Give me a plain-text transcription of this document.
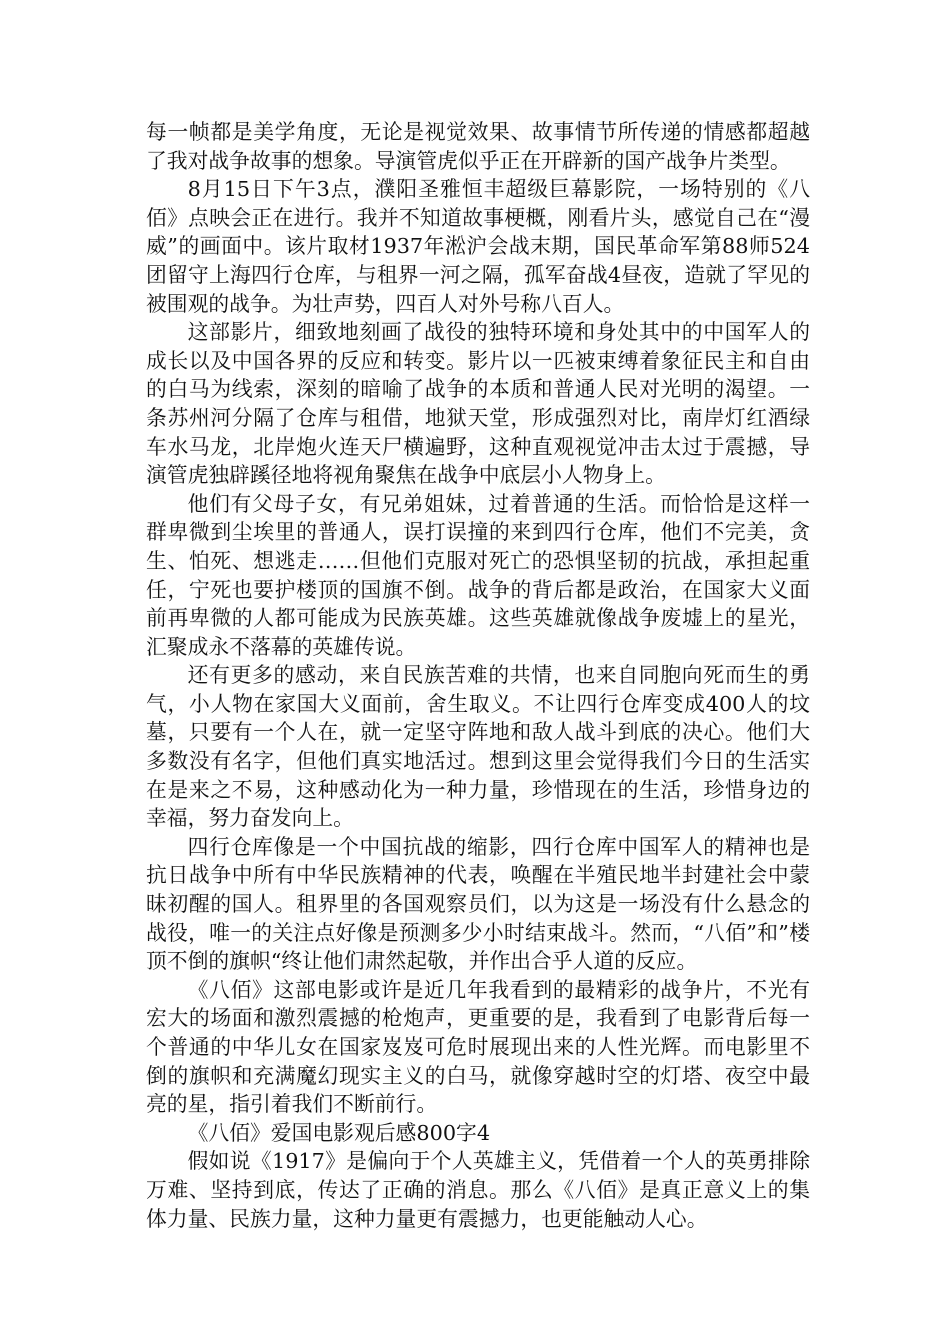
每一帧都是美学角度，无论是视觉效果、故事情节所传递的情感都超越了我对战争故事的想象。导演管虎似乎正在开辟新的国产战争片类型。

8月15日下午3点，濮阳圣雅恒丰超级巨幕影院，一场特别的《八佰》点映会正在进行。我并不知道故事梗概，刚看片头，感觉自己在“漫威”的画面中。该片取材1937年淞沪会战末期，国民革命军第88师524团留守上海四行仓库，与租界一河之隔，孤军奋战4昼夜，造就了罕见的被围观的战争。为壮声势，四百人对外号称八百人。

这部影片，细致地刻画了战役的独特环境和身处其中的中国军人的成长以及中国各界的反应和转变。影片以一匹被束缚着象征民主和自由的白马为线索，深刻的暗喻了战争的本质和普通人民对光明的渴望。一条苏州河分隔了仓库与租借，地狱天堂，形成强烈对比，南岸灯红酒绿车水马龙，北岸炮火连天尸横遍野，这种直观视觉冲击太过于震撼，导演管虎独辟蹊径地将视角聚焦在战争中底层小人物身上。

他们有父母子女，有兄弟姐妹，过着普通的生活。而恰恰是这样一群卑微到尘埃里的普通人，误打误撞的来到四行仓库，他们不完美，贪生、怕死、想逃走……但他们克服对死亡的恐惧坚韧的抗战，承担起重任，宁死也要护楼顶的国旗不倒。战争的背后都是政治，在国家大义面前再卑微的人都可能成为民族英雄。这些英雄就像战争废墟上的星光，汇聚成永不落幕的英雄传说。

还有更多的感动，来自民族苦难的共情，也来自同胞向死而生的勇气，小人物在家国大义面前，舍生取义。不让四行仓库变成400人的坟墓，只要有一个人在，就一定坚守阵地和敌人战斗到底的决心。他们大多数没有名字，但他们真实地活过。想到这里会觉得我们今日的生活实在是来之不易，这种感动化为一种力量，珍惜现在的生活，珍惜身边的幸福，努力奋发向上。

四行仓库像是一个中国抗战的缩影，四行仓库中国军人的精神也是抗日战争中所有中华民族精神的代表，唤醒在半殖民地半封建社会中蒙昧初醒的国人。租界里的各国观察员们，以为这是一场没有什么悬念的战役，唯一的关注点好像是预测多少小时结束战斗。然而，“八佰”和”楼顶不倒的旗帜“终让他们肃然起敬，并作出合乎人道的反应。

《八佰》这部电影或许是近几年我看到的最精彩的战争片，不光有宏大的场面和激烈震撼的枪炮声，更重要的是，我看到了电影背后每一个普通的中华儿女在国家岌岌可危时展现出来的人性光辉。而电影里不倒的旗帜和充满魔幻现实主义的白马，就像穿越时空的灯塔、夜空中最亮的星，指引着我们不断前行。

《八佰》爱国电影观后感800字4

假如说《1917》是偏向于个人英雄主义，凭借着一个人的英勇排除万难、坚持到底，传达了正确的消息。那么《八佰》是真正意义上的集体力量、民族力量，这种力量更有震撼力，也更能触动人心。
